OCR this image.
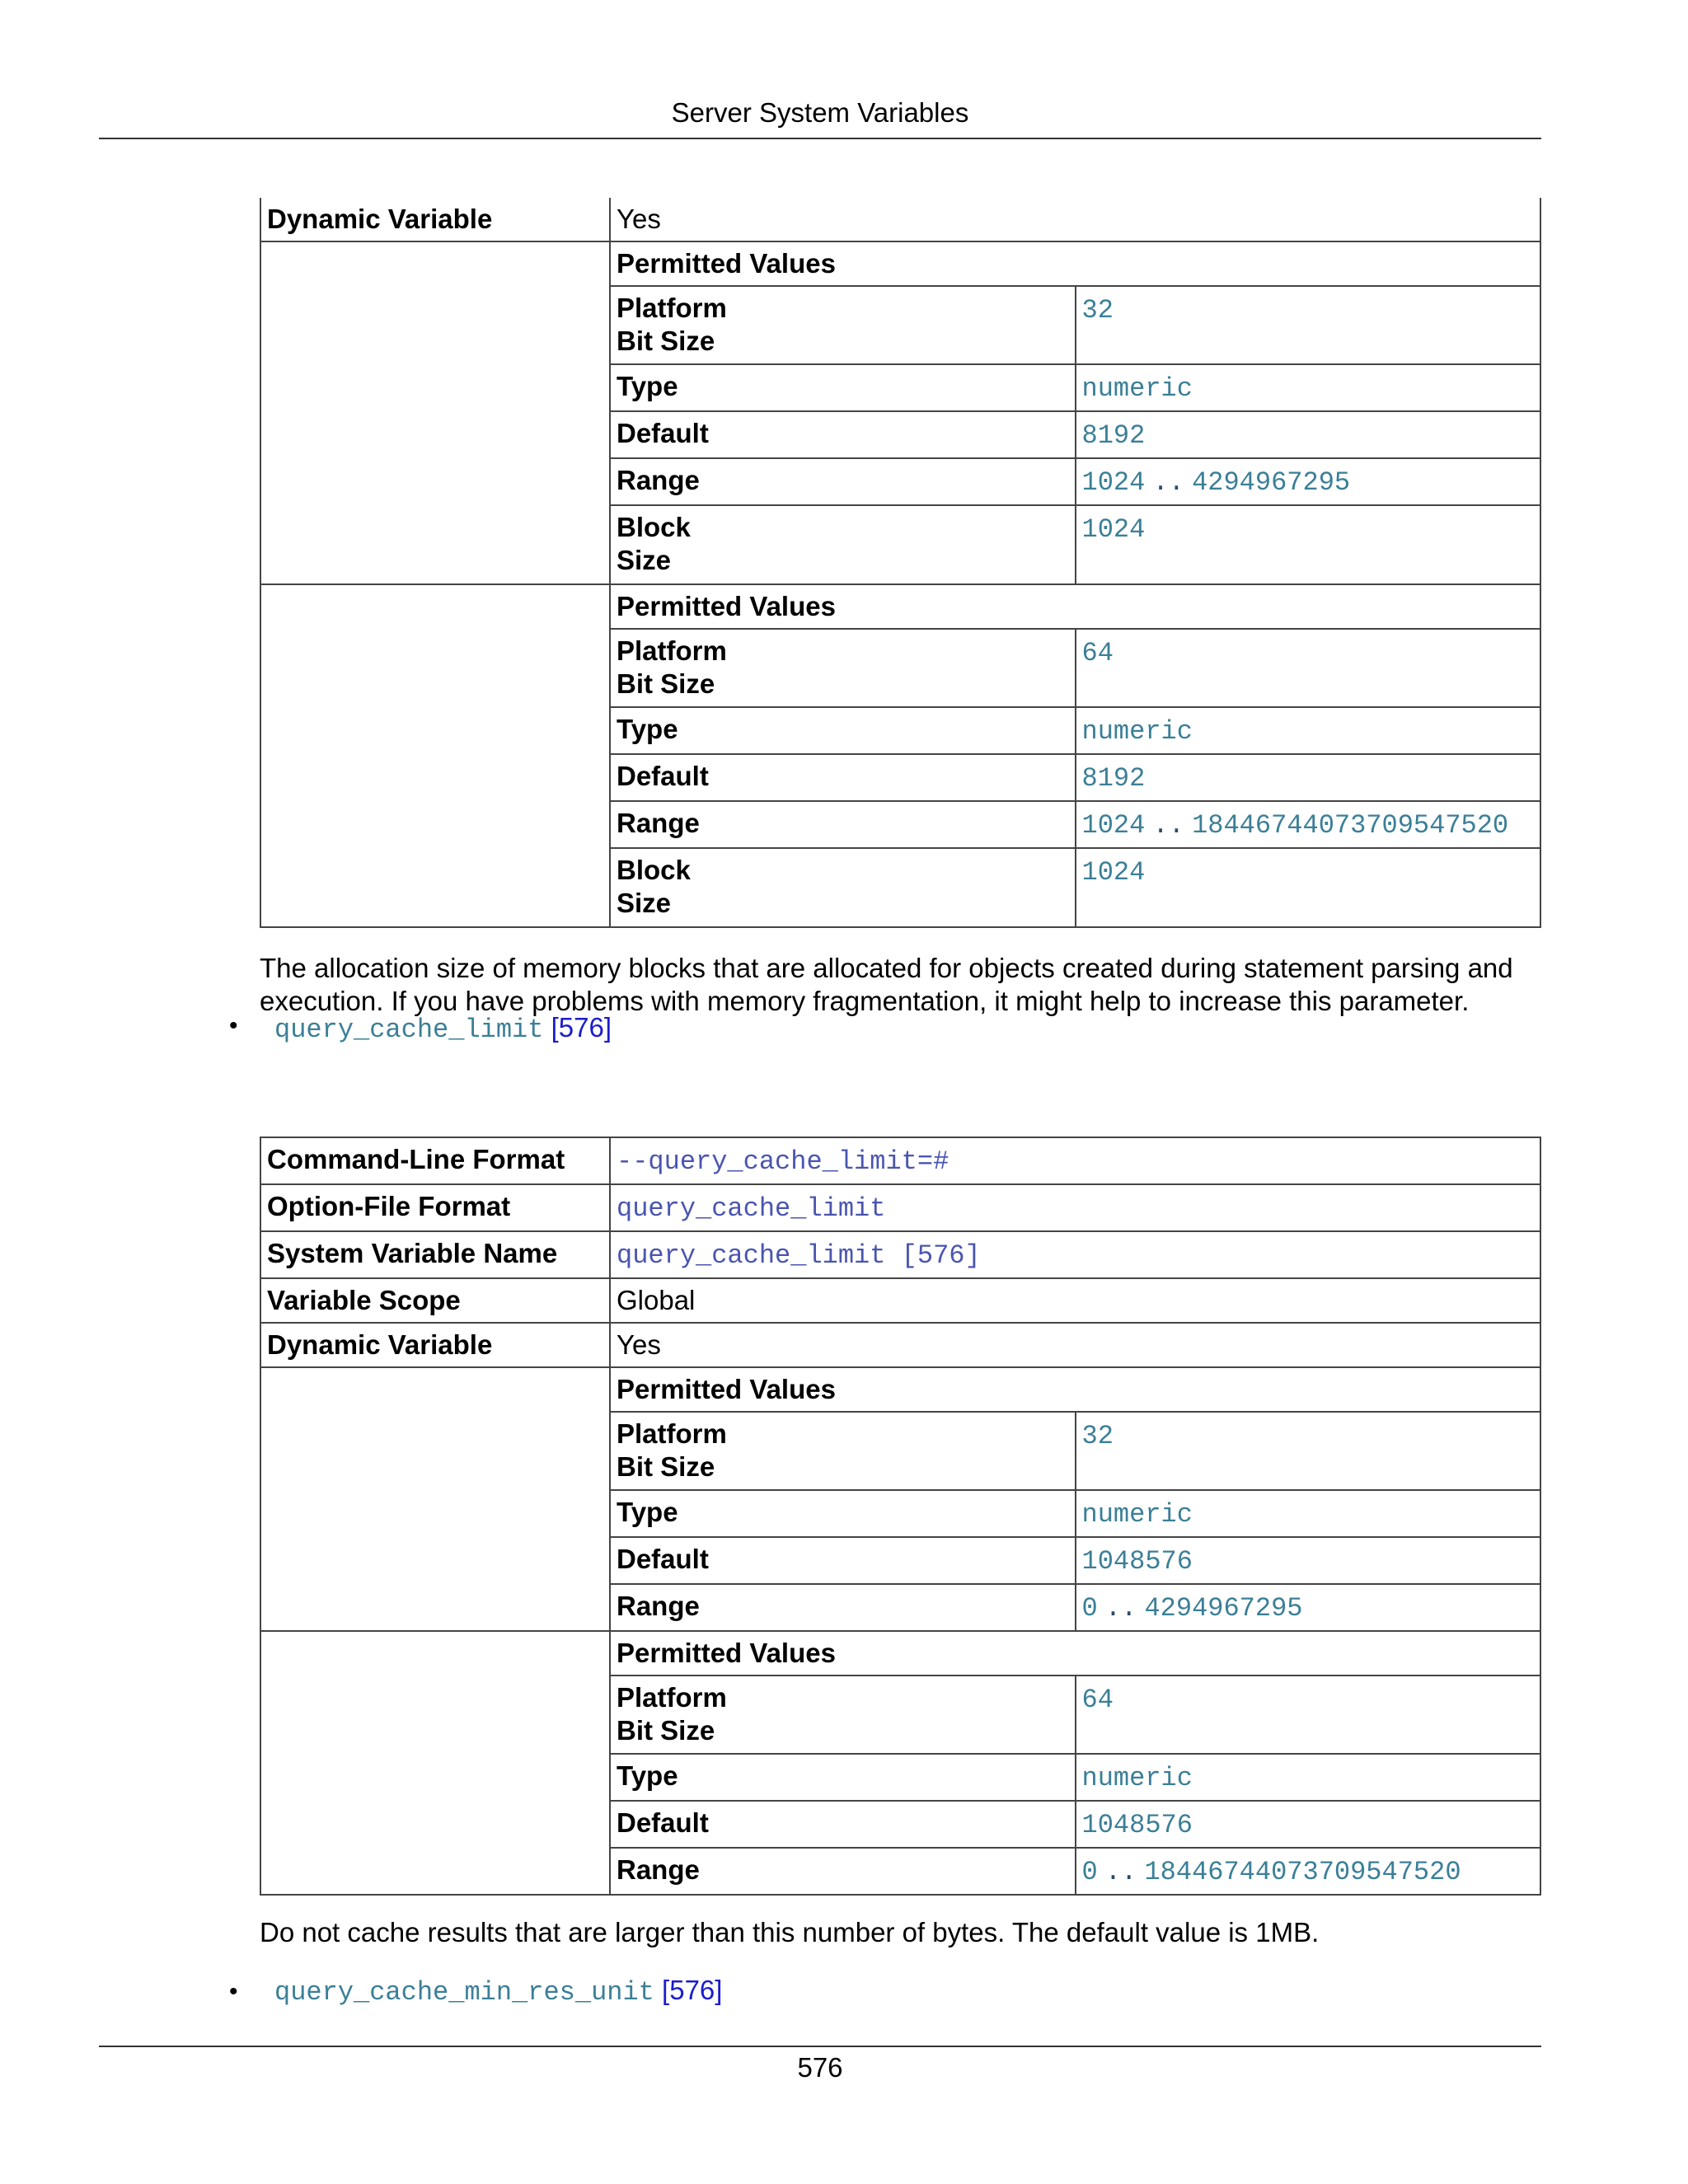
Server System Variables
Dynamic Variable	Yes

Permitted Values
Platform
Bit Size	32
Type	numeric
Default	8192
Range	1024 .. 4294967295
Block
Size	1024

Permitted Values
Platform
Bit Size	64
Type	numeric
Default	8192
Range	1024 .. 18446744073709547520
Block
Size	1024
The allocation size of memory blocks that are allocated for objects created during statement parsing and execution. If you have problems with memory fragmentation, it might help to increase this parameter.
• query_cache_limit [576]
Command-Line Format	--query_cache_limit=#
Option-File Format	query_cache_limit
System Variable Name	query_cache_limit [576]
Variable Scope	Global
Dynamic Variable	Yes

Permitted Values
Platform
Bit Size	32
Type	numeric
Default	1048576
Range	0 .. 4294967295

Permitted Values
Platform
Bit Size	64
Type	numeric
Default	1048576
Range	0 .. 18446744073709547520
Do not cache results that are larger than this number of bytes. The default value is 1MB.
• query_cache_min_res_unit [576]
576
